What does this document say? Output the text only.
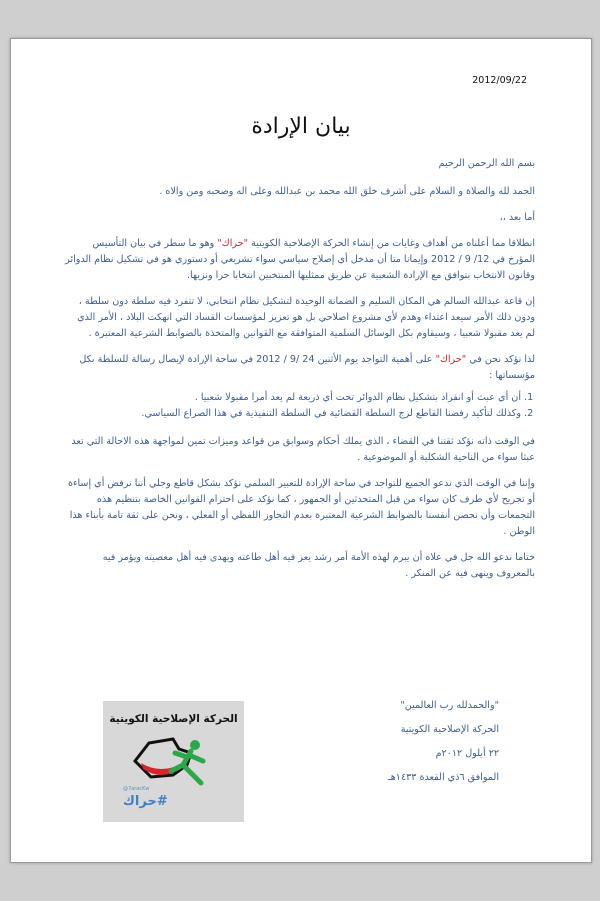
2012/09/22
بيان الإرادة

بسم الله الرحمن الرحيم

الحمد لله والصلاة و السلام على أشرف خلق الله محمد بن عبدالله وعلى اله وصحبه ومن والاه .

أما بعد ،،

انطلاقا مما أعلناه من أهداف وغايات من إنشاء الحركة الإصلاحية الكويتية "حراك" وهو ما سطر في بيان التأسيس المؤرخ في 12/ 9 / 2012 وإيمانا منا أن مدخل أي إصلاح سياسي سواء تشريعي أو دستوري هو في تشكيل نظام الدوائر وقانون الانتخاب بتوافق مع الإرادة الشعبية عن طريق ممثليها المنتخبين انتخابا حرا ونزيها.

إن قاعة عبدالله السالم هي المكان السليم و الضمانة الوحيدة لتشكيل نظام انتخابي، لا تتفرد فيه سلطة دون سلطة ، ودون ذلك الأمر سيعد اعتداء وهدم لأي مشروع اصلاحي بل هو تعزيز لمؤسسات الفساد التي انهكت البلاد ، الأمر الذي لم يعد مقبولا شعبيا ، وسيقاوم بكل الوسائل السلمية المتوافقة مع القوانين والمتخذة بالضوابط الشرعية المعتبرة .

لذا نؤكد نحن في "حراك" على أهمية التواجد يوم الأثنين 24 /9 / 2012 في ساحة الإرادة لإيصال رسالة للسلطة بكل مؤسساتها :

1. أن أي عبث أو انفراد بتشكيل نظام الدوائر تحت أي ذريعة لم يعد أمرا مقبولا شعبيا .
2. وكذلك لتأكيد رفضنا القاطع لزج السلطة القضائية في السلطة التنفيذية في هذا الصراع السياسي.

في الوقت ذاته نؤكد ثقتنا في القضاء ، الذي يملك أحكام وسوابق من قواعد وميزات تمين لمواجهة هذه الاحالة التي تعد عبثا سواء من الناحية الشكلية أو الموضوعية .

وإننا في الوقت الذي ندعو الجميع للتواجد في ساحة الإرادة للتعبير السلمي نؤكد بشكل قاطع وجلي أننا نرفض أي إساءة أو تجريح لأي طرف كان سواء من قبل المتحدثين أو الجمهور ، كما نؤكد على احترام القوانين الخاصة بتنظيم هذه التجمعات وأن نحصن أنفسنا بالضوابط الشرعية المعتبرة بعدم التجاوز اللفظي أو الفعلي ، ونحن على ثقة تامة بأبناء هذا الوطن .

ختاما ندعو الله جل في علاه أن يبرم لهذه الأمة أمر رشد يعز فيه أهل طاعته ويهدى فيه أهل معصيته ويؤمر فيه بالمعروف وينهى فيه عن المنكر .

"والحمدلله رب العالمين"
الحركة الإصلاحية الكويتية
٢٢ أيلول ٢٠١٢م
الموافق ٦ذي القعدة ١٤٣٣هـ
الحركة الإصلاحية الكويتية
@7aracKw
#حراك
